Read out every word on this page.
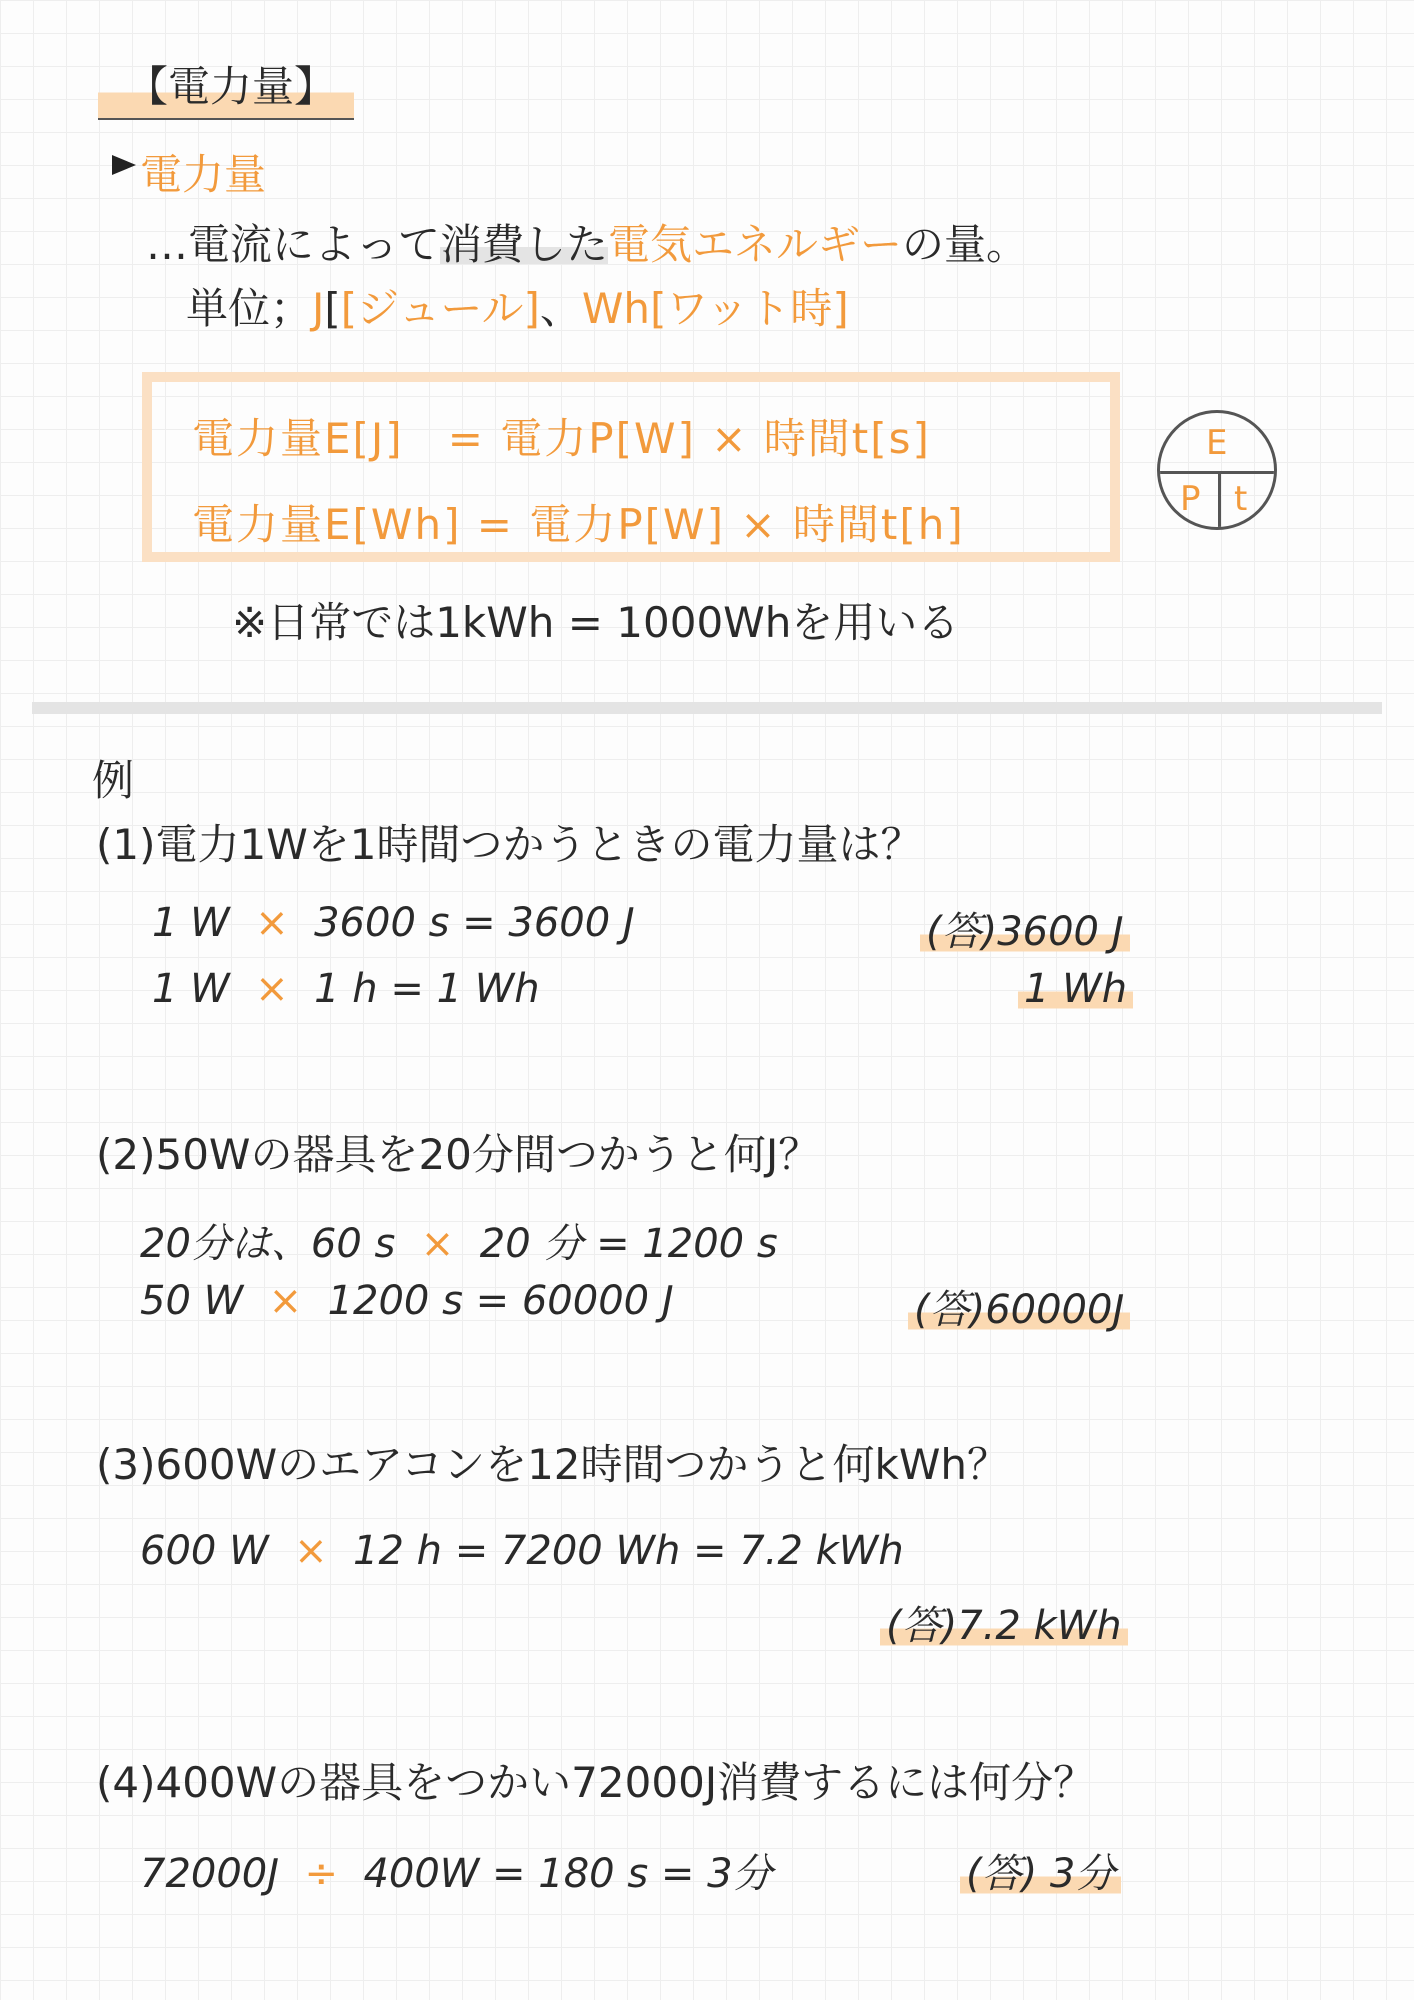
【電力量】
電力量
…電流によって消費した電気エネルギーの量。
単位；J[[ジュール]、Wh[ワット時]
電力量E[J]　= 電力P[W] × 時間t[s]
電力量E[Wh] = 電力P[W] × 時間t[h]
E
P t
※日常では1kWh = 1000Whを用いる
例
(1)電力1Wを1時間つかうときの電力量は？
1 W × 3600 s = 3600 J
1 W × 1 h = 1 Wh
(答)3600 J
1 Wh
(2)50Wの器具を20分間つかうと何J？
20分は、60 s × 20 分 = 1200 s
50 W × 1200 s = 60000 J	(答)60000J
(3)600Wのエアコンを12時間つかうと何kWh？
600 W × 12 h = 7200 Wh = 7.2 kWh
(答)7.2 kWh
(4)400Wの器具をつかい72000J消費するには何分？
72000J ÷ 400W = 180 s = 3分	(答) 3分
